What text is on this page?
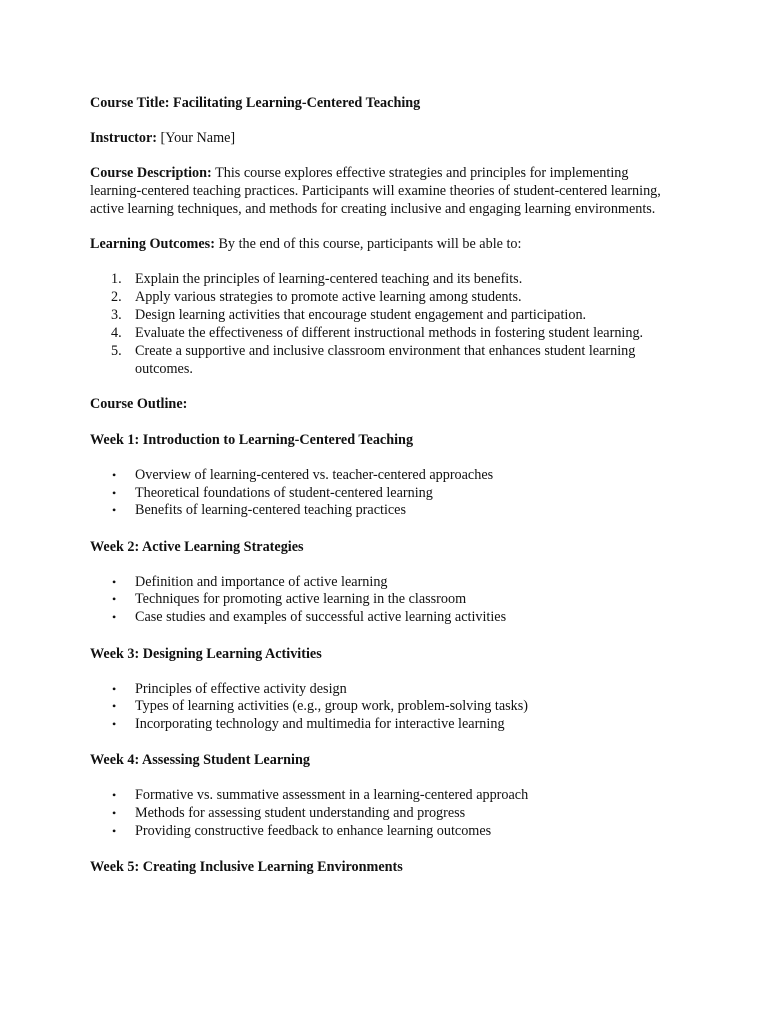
Course Title: Facilitating Learning-Centered Teaching

Instructor: [Your Name]

Course Description: This course explores effective strategies and principles for implementing learning-centered teaching practices. Participants will examine theories of student-centered learning, active learning techniques, and methods for creating inclusive and engaging learning environments.

Learning Outcomes: By the end of this course, participants will be able to:

1. Explain the principles of learning-centered teaching and its benefits.
2. Apply various strategies to promote active learning among students.
3. Design learning activities that encourage student engagement and participation.
4. Evaluate the effectiveness of different instructional methods in fostering student learning.
5. Create a supportive and inclusive classroom environment that enhances student learning outcomes.

Course Outline:

Week 1: Introduction to Learning-Centered Teaching

• Overview of learning-centered vs. teacher-centered approaches
• Theoretical foundations of student-centered learning
• Benefits of learning-centered teaching practices

Week 2: Active Learning Strategies

• Definition and importance of active learning
• Techniques for promoting active learning in the classroom
• Case studies and examples of successful active learning activities

Week 3: Designing Learning Activities

• Principles of effective activity design
• Types of learning activities (e.g., group work, problem-solving tasks)
• Incorporating technology and multimedia for interactive learning

Week 4: Assessing Student Learning

• Formative vs. summative assessment in a learning-centered approach
• Methods for assessing student understanding and progress
• Providing constructive feedback to enhance learning outcomes

Week 5: Creating Inclusive Learning Environments
